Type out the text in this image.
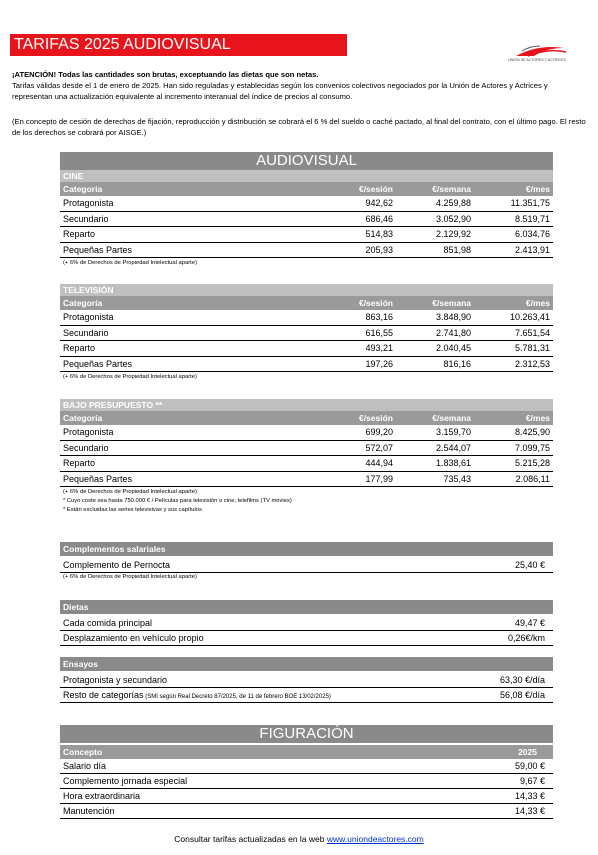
TARIFAS 2025 AUDIOVISUAL
UNIÓN DE ACTORES Y ACTRICES
¡ATENCIÓN! Todas las cantidades son brutas, exceptuando las dietas que son netas.
Tarifas válidas desde el 1 de enero de 2025. Han sido reguladas y establecidas según los convenios colectivos negociados por la Unión de Actores y Actrices y representan una actualización equivalente al incremento interanual del índice de precios al consumo.
(En concepto de cesión de derechos de fijación, reproducción y distribución se cobrará el 6 % del sueldo o caché pactado, al final del contrato, con el último pago. El resto de los derechos se cobrará por AISGE.)
AUDIOVISUAL
CINE
Categoría	€/sesión	€/semana	€/mes
Protagonista	942,62	4.259,88	11.351,75
Secundario	686,46	3.052,90	8.519,71
Reparto	514,83	2.129,92	6.034,76
Pequeñas Partes	205,93	851,98	2.413,91
(+ 6% de Derechos de Propiedad Intelectual aparte)
TELEVISIÓN
Categoría	€/sesión	€/semana	€/mes
Protagonista	863,16	3.848,90	10.263,41
Secundario	616,55	2.741,80	7.651,54
Reparto	493,21	2.040,45	5.781,31
Pequeñas Partes	197,26	816,16	2.312,53
(+ 6% de Derechos de Propiedad Intelectual aparte)
BAJO PRESUPUESTO **
Categoría	€/sesión	€/semana	€/mes
Protagonista	699,20	3.159,70	8.425,90
Secundario	572,07	2.544,07	7.099,75
Reparto	444,94	1.838,61	5.215,28
Pequeñas Partes	177,99	735,43	2.086,11
(+ 6% de Derechos de Propiedad Intelectual aparte)
* Cuyo coste sea hasta 750.000 € / Películas para televisión o cine, telefilms (TV movies)
* Están excluidas las series televisivas y sus capítulos
Complementos salariales
Complemento de Pernocta	25,40 €
(+ 6% de Derechos de Propiedad Intelectual aparte)
Dietas
Cada comida principal	49,47 €
Desplazamiento en vehículo propio	0,26€/km
Ensayos
Protagonista y secundario	63,30 €/día
Resto de categorías (SMI según Real Decreto 87/2025, de 11 de febrero BOE 13/02/2025)	56,08 €/día
FIGURACIÓN
Concepto	2025
Salario día	59,00 €
Complemento jornada especial	9,67 €
Hora extraordinaria	14,33 €
Manutención	14,33 €
Consultar tarifas actualizadas en la web www.uniondeactores.com
